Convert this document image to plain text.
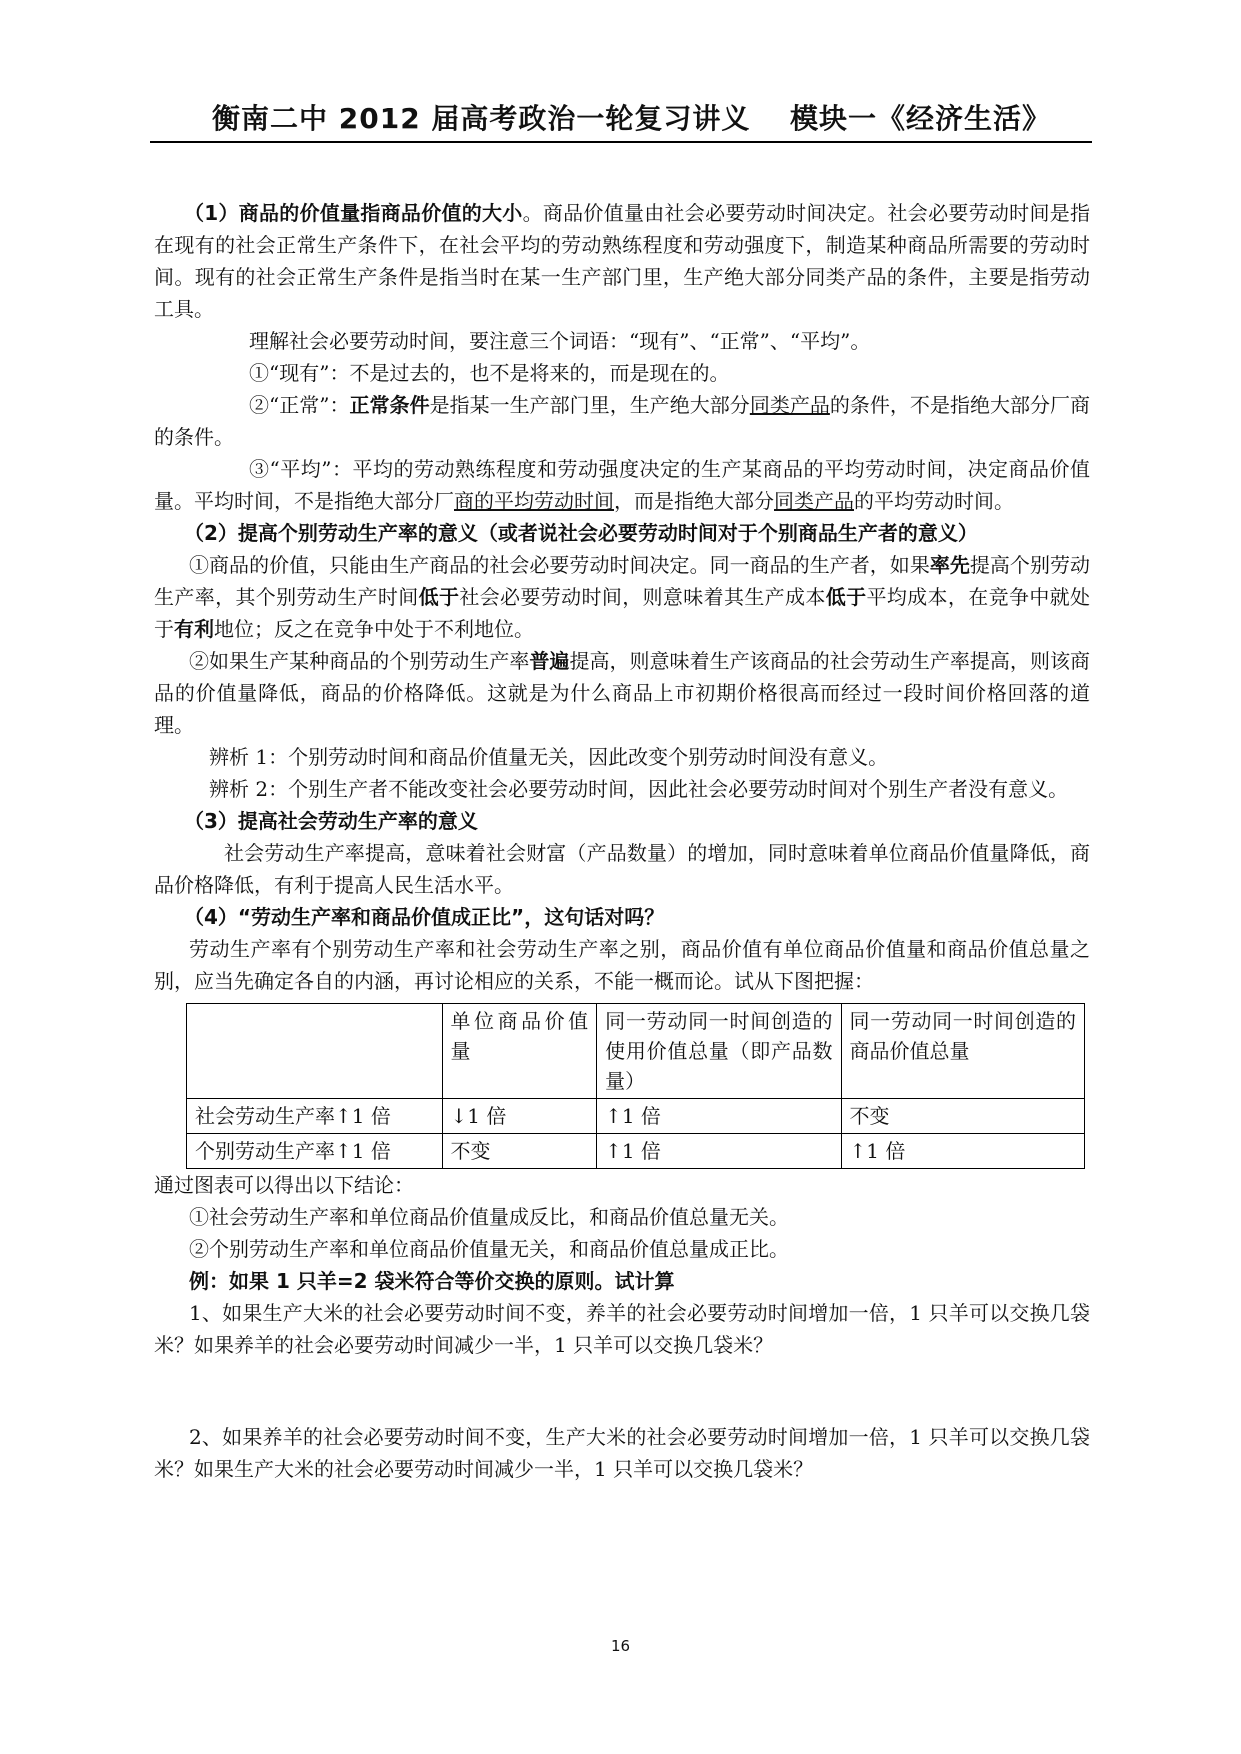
衡南二中 2012 届高考政治一轮复习讲义 模块一《经济生活》

（1）商品的价值量指商品价值的大小。商品价值量由社会必要劳动时间决定。社会必要劳动时间是指在现有的社会正常生产条件下，在社会平均的劳动熟练程度和劳动强度下，制造某种商品所需要的劳动时间。现有的社会正常生产条件是指当时在某一生产部门里，生产绝大部分同类产品的条件，主要是指劳动工具。

理解社会必要劳动时间，要注意三个词语：“现有”、“正常”、“平均”。

①“现有”：不是过去的，也不是将来的，而是现在的。

②“正常”：正常条件是指某一生产部门里，生产绝大部分同类产品的条件，不是指绝大部分厂商的条件。

③“平均”：平均的劳动熟练程度和劳动强度决定的生产某商品的平均劳动时间，决定商品价值量。平均时间，不是指绝大部分厂商的平均劳动时间，而是指绝大部分同类产品的平均劳动时间。

（2）提高个别劳动生产率的意义（或者说社会必要劳动时间对于个别商品生产者的意义）

①商品的价值，只能由生产商品的社会必要劳动时间决定。同一商品的生产者，如果率先提高个别劳动生产率，其个别劳动生产时间低于社会必要劳动时间，则意味着其生产成本低于平均成本，在竞争中就处于有利地位；反之在竞争中处于不利地位。

②如果生产某种商品的个别劳动生产率普遍提高，则意味着生产该商品的社会劳动生产率提高，则该商品的价值量降低，商品的价格降低。这就是为什么商品上市初期价格很高而经过一段时间价格回落的道理。

辨析 1：个别劳动时间和商品价值量无关，因此改变个别劳动时间没有意义。

辨析 2：个别生产者不能改变社会必要劳动时间，因此社会必要劳动时间对个别生产者没有意义。

（3）提高社会劳动生产率的意义

社会劳动生产率提高，意味着社会财富（产品数量）的增加，同时意味着单位商品价值量降低，商品价格降低，有利于提高人民生活水平。

（4）“劳动生产率和商品价值成正比”，这句话对吗？

劳动生产率有个别劳动生产率和社会劳动生产率之别，商品价值有单位商品价值量和商品价值总量之别，应当先确定各自的内涵，再讨论相应的关系，不能一概而论。试从下图把握：

	单位商品价值量	同一劳动同一时间创造的使用价值总量（即产品数量）	同一劳动同一时间创造的商品价值总量
社会劳动生产率↑1 倍	↓1 倍	↑1 倍	不变
个别劳动生产率↑1 倍	不变	↑1 倍	↑1 倍

通过图表可以得出以下结论：

①社会劳动生产率和单位商品价值量成反比，和商品价值总量无关。

②个别劳动生产率和单位商品价值量无关，和商品价值总量成正比。

例：如果 1 只羊=2 袋米符合等价交换的原则。试计算

1、如果生产大米的社会必要劳动时间不变，养羊的社会必要劳动时间增加一倍，1 只羊可以交换几袋米？如果养羊的社会必要劳动时间减少一半，1 只羊可以交换几袋米？

2、如果养羊的社会必要劳动时间不变，生产大米的社会必要劳动时间增加一倍，1 只羊可以交换几袋米？如果生产大米的社会必要劳动时间减少一半，1 只羊可以交换几袋米？

16
